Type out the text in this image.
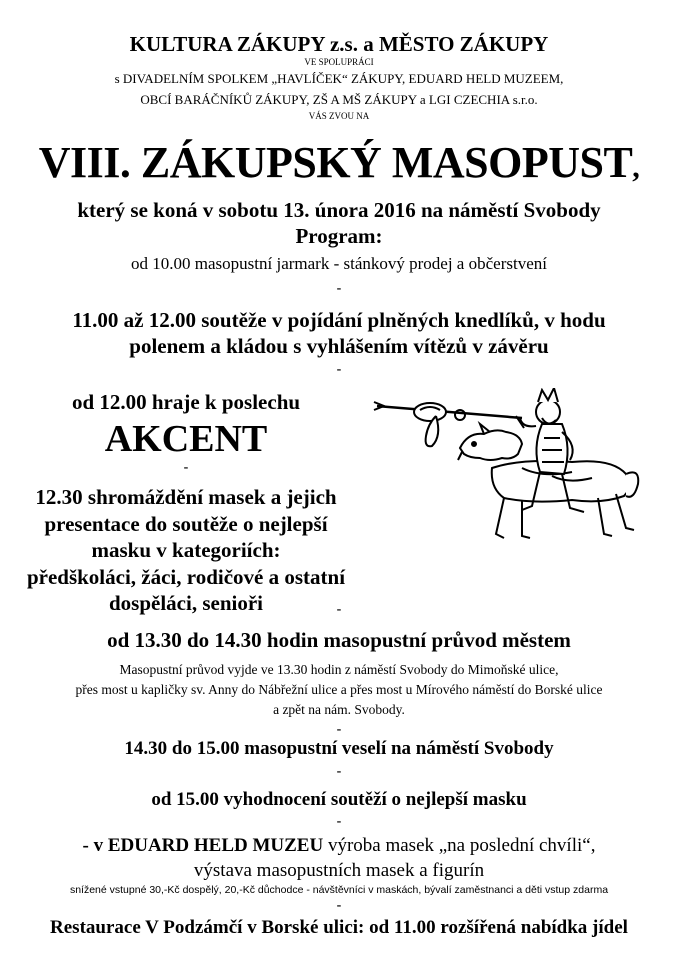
KULTURA ZÁKUPY z.s. a MĚSTO ZÁKUPY
VE SPOLUPRÁCI
s DIVADELNÍM SPOLKEM „HAVLÍČEK“ ZÁKUPY, EDUARD HELD MUZEEM,
OBCÍ BARÁČNÍKŮ ZÁKUPY, ZŠ A MŠ ZÁKUPY a LGI CZECHIA s.r.o.
VÁS ZVOU NA
VIII. ZÁKUPSKÝ MASOPUST,
který se koná v sobotu 13. února 2016 na náměstí Svobody
Program:
od 10.00 masopustní jarmark - stánkový prodej a občerstvení
-
11.00 až 12.00 soutěže v pojídání plněných knedlíků, v hodu
polenem a kládou s vyhlášením vítězů v závěru
-
od 12.00 hraje k poslechu
AKCENT
-
12.30 shromáždění masek a jejich
presentace do soutěže o nejlepší
masku v kategoriích:
předškoláci, žáci, rodičové a ostatní
dospěláci, senioři	-
od 13.30 do 14.30 hodin masopustní průvod městem
Masopustní průvod vyjde ve 13.30 hodin z náměstí Svobody do Mimoňské ulice,
přes most u kapličky sv. Anny do Nábřežní ulice a přes most u Mírového náměstí do Borské ulice
a zpět na nám. Svobody.
-
14.30 do 15.00 masopustní veselí na náměstí Svobody
-
od 15.00 vyhodnocení soutěží o nejlepší masku
-
- v EDUARD HELD MUZEU výroba masek „na poslední chvíli“,
výstava masopustních masek a figurín
snížené vstupné 30,-Kč dospělý, 20,-Kč důchodce - návštěvníci v maskách, bývalí zaměstnanci a děti vstup zdarma
-
Restaurace V Podzámčí v Borské ulici: od 11.00 rozšířená nabídka jídel
